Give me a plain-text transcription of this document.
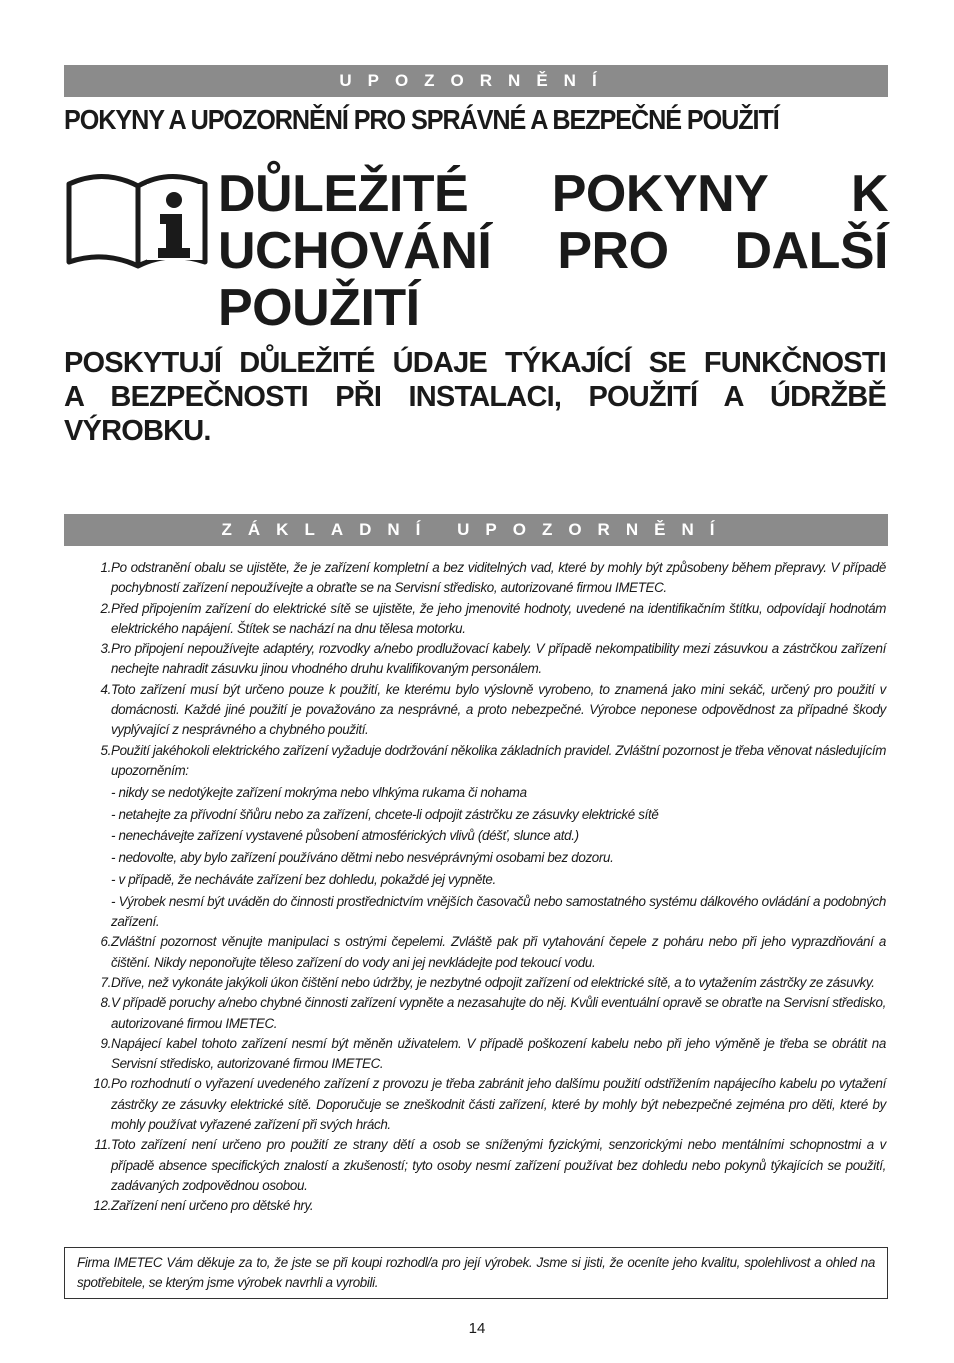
UPOZORNĚNÍ
POKYNY A UPOZORNĚNÍ PRO SPRÁVNÉ A BEZPEČNÉ POUŽITÍ
DŮLEŽITÉ POKYNY K
UCHOVÁNÍ PRO DALŠÍ
POUŽITÍ
POSKYTUJÍ DŮLEŽITÉ ÚDAJE TÝKAJÍCÍ SE FUNKČNOSTI
A BEZPEČNOSTI PŘI INSTALACI, POUŽITÍ A ÚDRŽBĚ
VÝROBKU.
ZÁKLADNÍ UPOZORNĚNÍ
1. Po odstranění obalu se ujistěte, že je zařízení kompletní a bez viditelných vad, které by mohly být způsobeny během přepravy. V případě pochybností zařízení nepoužívejte a obraťte se na Servisní středisko, autorizované firmou IMETEC.
2. Před připojením zařízení do elektrické sítě se ujistěte, že jeho jmenovité hodnoty, uvedené na identifikačním štítku, odpovídají hodnotám elektrického napájení. Štítek se nachází na dnu tělesa motorku.
3. Pro připojení nepoužívejte adaptéry, rozvodky a/nebo prodlužovací kabely. V případě nekompatibility mezi zásuvkou a zástrčkou zařízení nechejte nahradit zásuvku jinou vhodného druhu kvalifikovaným personálem.
4. Toto zařízení musí být určeno pouze k použití, ke kterému bylo výslovně vyrobeno, to znamená jako mini sekáč, určený pro použití v domácnosti. Každé jiné použití je považováno za nesprávné, a proto nebezpečné. Výrobce neponese odpovědnost za případné škody vyplývající z nesprávného a chybného použití.
5. Použití jakéhokoli elektrického zařízení vyžaduje dodržování několika základních pravidel. Zvláštní pozornost je třeba věnovat následujícím upozorněním:
- nikdy se nedotýkejte zařízení mokrýma nebo vlhkýma rukama či nohama
- netahejte za přívodní šňůru nebo za zařízení, chcete-li odpojit zástrčku ze zásuvky elektrické sítě
- nenechávejte zařízení vystavené působení atmosférických vlivů (déšť, slunce atd.)
- nedovolte, aby bylo zařízení používáno dětmi nebo nesvéprávnými osobami bez dozoru.
- v případě, že necháváte zařízení bez dohledu, pokaždé jej vypněte.
- Výrobek nesmí být uváděn do činnosti prostřednictvím vnějších časovačů nebo samostatného systému dálkového ovládání a podobných zařízení.
6. Zvláštní pozornost věnujte manipulaci s ostrými čepelemi. Zvláště pak při vytahování čepele z poháru nebo při jeho vyprazdňování a čištění. Nikdy neponořujte těleso zařízení do vody ani jej nevkládejte pod tekoucí vodu.
7. Dříve, než vykonáte jakýkoli úkon čištění nebo údržby, je nezbytné odpojit zařízení od elektrické sítě, a to vytažením zástrčky ze zásuvky.
8. V případě poruchy a/nebo chybné činnosti zařízení vypněte a nezasahujte do něj. Kvůli eventuální opravě se obraťte na Servisní středisko, autorizované firmou IMETEC.
9. Napájecí kabel tohoto zařízení nesmí být měněn uživatelem. V případě poškození kabelu nebo při jeho výměně je třeba se obrátit na Servisní středisko, autorizované firmou IMETEC.
10. Po rozhodnutí o vyřazení uvedeného zařízení z provozu je třeba zabránit jeho dalšímu použití odstřižením napájecího kabelu po vytažení zástrčky ze zásuvky elektrické sítě. Doporučuje se zneškodnit části zařízení, které by mohly být nebezpečné zejména pro děti, které by mohly používat vyřazené zařízení při svých hrách.
11. Toto zařízení není určeno pro použití ze strany dětí a osob se sníženými fyzickými, senzorickými nebo mentálními schopnostmi a v případě absence specifických znalostí a zkušeností; tyto osoby nesmí zařízení používat bez dohledu nebo pokynů týkajících se použití, zadávaných zodpovědnou osobou.
12. Zařízení není určeno pro dětské hry.
Firma IMETEC Vám děkuje za to, že jste se při koupi rozhodl/a pro její výrobek. Jsme si jisti, že oceníte jeho kvalitu, spolehlivost a ohled na spotřebitele, se kterým jsme výrobek navrhli a vyrobili.
14
